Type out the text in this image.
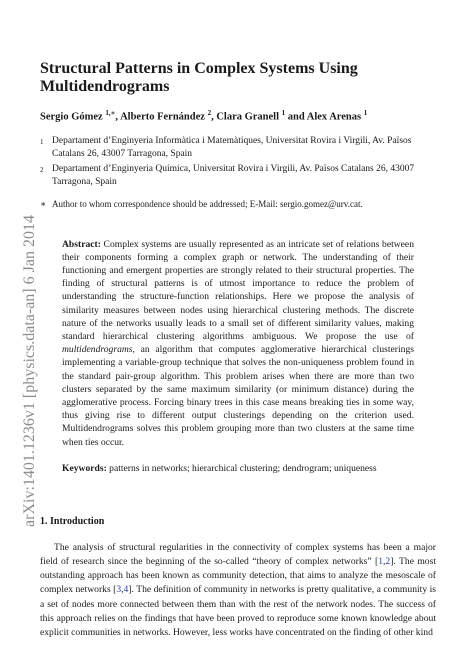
arXiv:1401.1236v1 [physics.data-an] 6 Jan 2014
Structural Patterns in Complex Systems Using Multidendrograms
Sergio Gómez $^{1,∗}$, Alberto Fernández $^2$, Clara Granell $^1$ and Alex Arenas $^1$
1 Departament d’Enginyeria Informàtica i Matemàtiques, Universitat Rovira i Virgili, Av. Països Catalans 26, 43007 Tarragona, Spain
2 Departament d’Enginyeria Química, Universitat Rovira i Virgili, Av. Països Catalans 26, 43007 Tarragona, Spain
∗ Author to whom correspondence should be addressed; E-Mail: sergio.gomez@urv.cat.
Abstract: Complex systems are usually represented as an intricate set of relations between their components forming a complex graph or network. The understanding of their functioning and emergent properties are strongly related to their structural properties. The finding of structural patterns is of utmost importance to reduce the problem of understanding the structure-function relationships. Here we propose the analysis of similarity measures between nodes using hierarchical clustering methods. The discrete nature of the networks usually leads to a small set of different similarity values, making standard hierarchical clustering algorithms ambiguous. We propose the use of multidendrograms, an algorithm that computes agglomerative hierarchical clusterings implementing a variable-group technique that solves the non-uniqueness problem found in the standard pair-group algorithm. This problem arises when there are more than two clusters separated by the same maximum similarity (or minimum distance) during the agglomerative process. Forcing binary trees in this case means breaking ties in some way, thus giving rise to different output clusterings depending on the criterion used. Multidendrograms solves this problem grouping more than two clusters at the same time when ties occur.
Keywords: patterns in networks; hierarchical clustering; dendrogram; uniqueness
1. Introduction
The analysis of structural regularities in the connectivity of complex systems has been a major field of research since the beginning of the so-called “theory of complex networks” [1,2]. The most outstanding approach has been known as community detection, that aims to analyze the mesoscale of complex networks [3,4]. The definition of community in networks is pretty qualitative, a community is a set of nodes more connected between them than with the rest of the network nodes. The success of this approach relies on the findings that have been proved to reproduce some known knowledge about explicit communities in networks. However, less works have concentrated on the finding of other kind
